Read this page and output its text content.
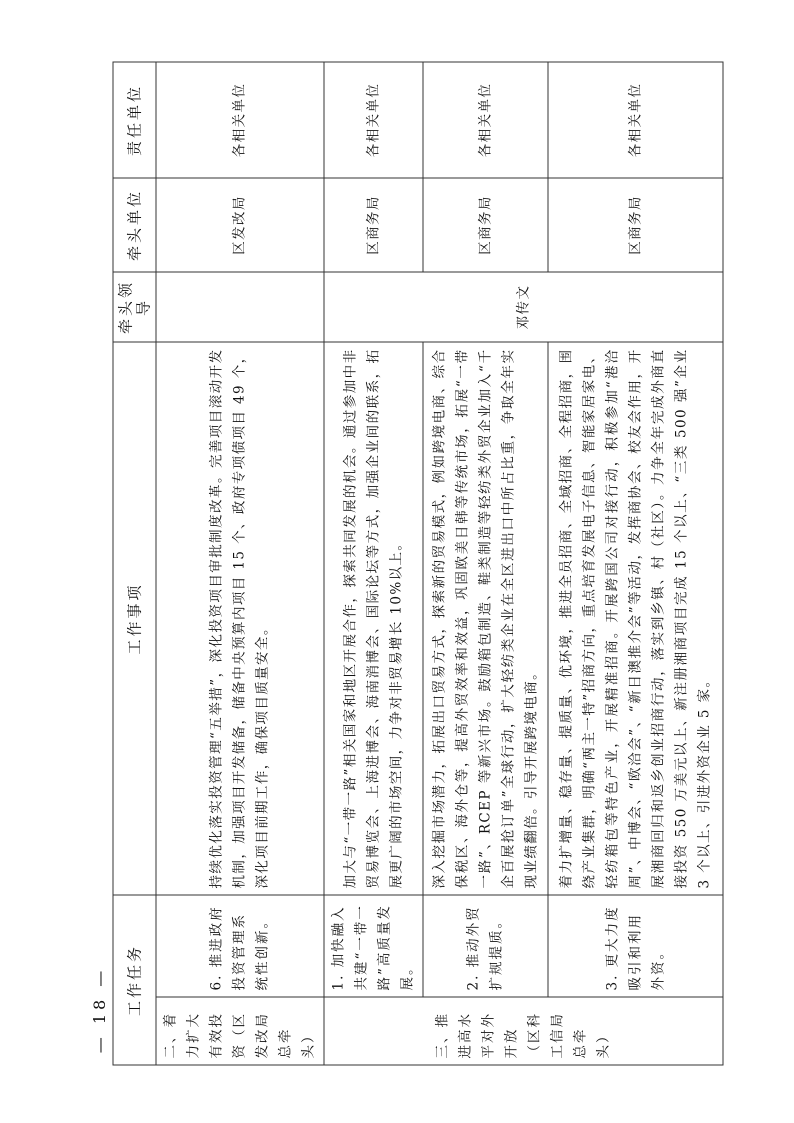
工作任务		工作事项	牵头领导	牵头单位	责任单位
二、着力扩大有效投资（区发改局总牵头）	6. 推进政府投资管理系统性创新。	持续优化落实投资管理“五举措”，深化投资项目审批制度改革。完善项目滚动开发机制，加强项目开发储备，储备中央预算内项目 15 个、政府专项债项目 49 个，深化项目前期工作，确保项目质量安全。		区发改局	各相关单位
三、推进高水平对外开放（区科工信局总牵头）	1. 加快融入共建“一带一路”高质量发展。	加大与“一带一路”相关国家和地区开展合作，探索共同发展的机会。通过参加中非贸易博览会、上海进博会、海南消博会、国际论坛等方式，加强企业间的联系，拓展更广阔的市场空间，力争对非贸易增长 10%以上。	邓传文	区商务局	各相关单位
	2. 推动外贸扩规提质。	深入挖掘市场潜力，拓展出口贸易方式，探索新的贸易模式，例如跨境电商、综合保税区、海外仓等，提高外贸效率和效益，巩固欧美日韩等传统市场，拓展“一带一路”、RCEP 等新兴市场。鼓励箱包制造、鞋类制造等轻纺类外贸企业加入“千企百展抢订单”全球行动，扩大轻纺类企业在全区进出口中所占比重，争取全年实现业绩翻倍。引导开展跨境电商。		区商务局	各相关单位
	3. 更大力度吸引和利用外资。	着力扩增量、稳存量、提质量、优环境，推进全员招商、全域招商、全程招商，围绕产业集群，明确“两主一特”招商方向，重点培育发展电子信息、智能家居家电、轻纺箱包等特色产业，开展精准招商。开展跨国公司对接行动，积极参加“港洽周”、中博会、“欧洽会”、“新日澳推介会”等活动，发挥商协会、校友会作用，开展湘商回归和返乡创业招商行动，落实到乡镇、村（社区）。力争全年完成外商直接投资 550 万美元以上、新注册湘商项目完成 15 个以上、“三类 500 强”企业 3 个以上、引进外资企业 5 家。		区商务局	各相关单位
— 18 —
